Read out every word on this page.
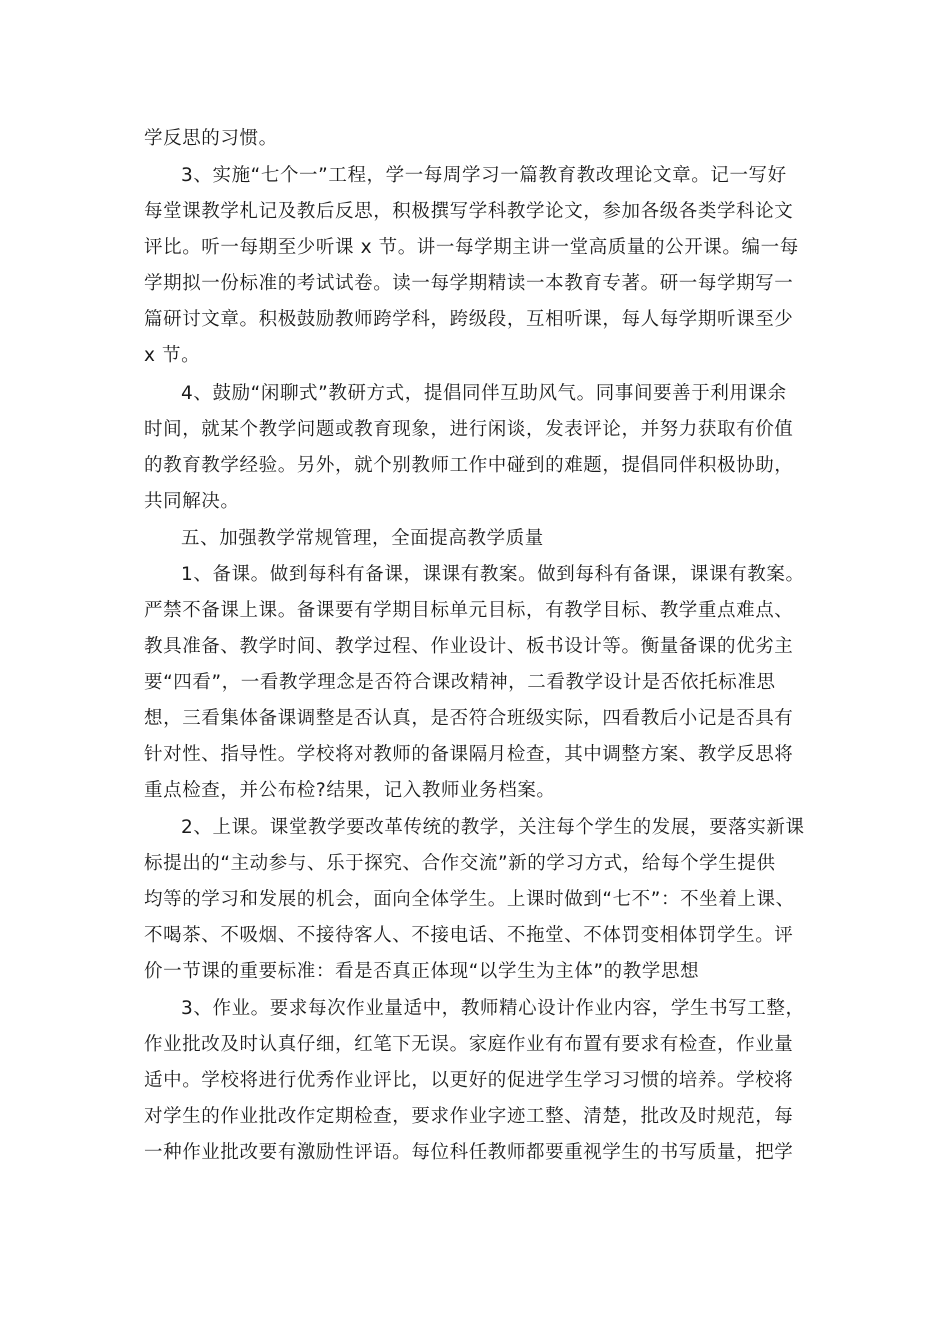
学反思的习惯。

3、实施“七个一”工程，学一每周学习一篇教育教改理论文章。记一写好

每堂课教学札记及教后反思，积极撰写学科教学论文，参加各级各类学科论文

评比。听一每期至少听课 x 节。讲一每学期主讲一堂高质量的公开课。编一每

学期拟一份标准的考试试卷。读一每学期精读一本教育专著。研一每学期写一

篇研讨文章。积极鼓励教师跨学科，跨级段，互相听课，每人每学期听课至少

x 节。

4、鼓励“闲聊式”教研方式，提倡同伴互助风气。同事间要善于利用课余

时间，就某个教学问题或教育现象，进行闲谈，发表评论，并努力获取有价值

的教育教学经验。另外，就个别教师工作中碰到的难题，提倡同伴积极协助，

共同解决。

五、加强教学常规管理，全面提高教学质量

1、备课。做到每科有备课，课课有教案。做到每科有备课，课课有教案。

严禁不备课上课。备课要有学期目标单元目标，有教学目标、教学重点难点、

教具准备、教学时间、教学过程、作业设计、板书设计等。衡量备课的优劣主

要“四看”，一看教学理念是否符合课改精神，二看教学设计是否依托标准思

想，三看集体备课调整是否认真，是否符合班级实际，四看教后小记是否具有

针对性、指导性。学校将对教师的备课隔月检查，其中调整方案、教学反思将

重点检查，并公布检?结果，记入教师业务档案。

2、上课。课堂教学要改革传统的教学，关注每个学生的发展，要落实新课

标提出的“主动参与、乐于探究、合作交流”新的学习方式，给每个学生提供

均等的学习和发展的机会，面向全体学生。上课时做到“七不”：不坐着上课、

不喝茶、不吸烟、不接待客人、不接电话、不拖堂、不体罚变相体罚学生。评

价一节课的重要标准：看是否真正体现“以学生为主体”的教学思想

3、作业。要求每次作业量适中，教师精心设计作业内容，学生书写工整，

作业批改及时认真仔细，红笔下无误。家庭作业有布置有要求有检查，作业量

适中。学校将进行优秀作业评比，以更好的促进学生学习习惯的培养。学校将

对学生的作业批改作定期检查，要求作业字迹工整、清楚，批改及时规范，每

一种作业批改要有激励性评语。每位科任教师都要重视学生的书写质量，把学
